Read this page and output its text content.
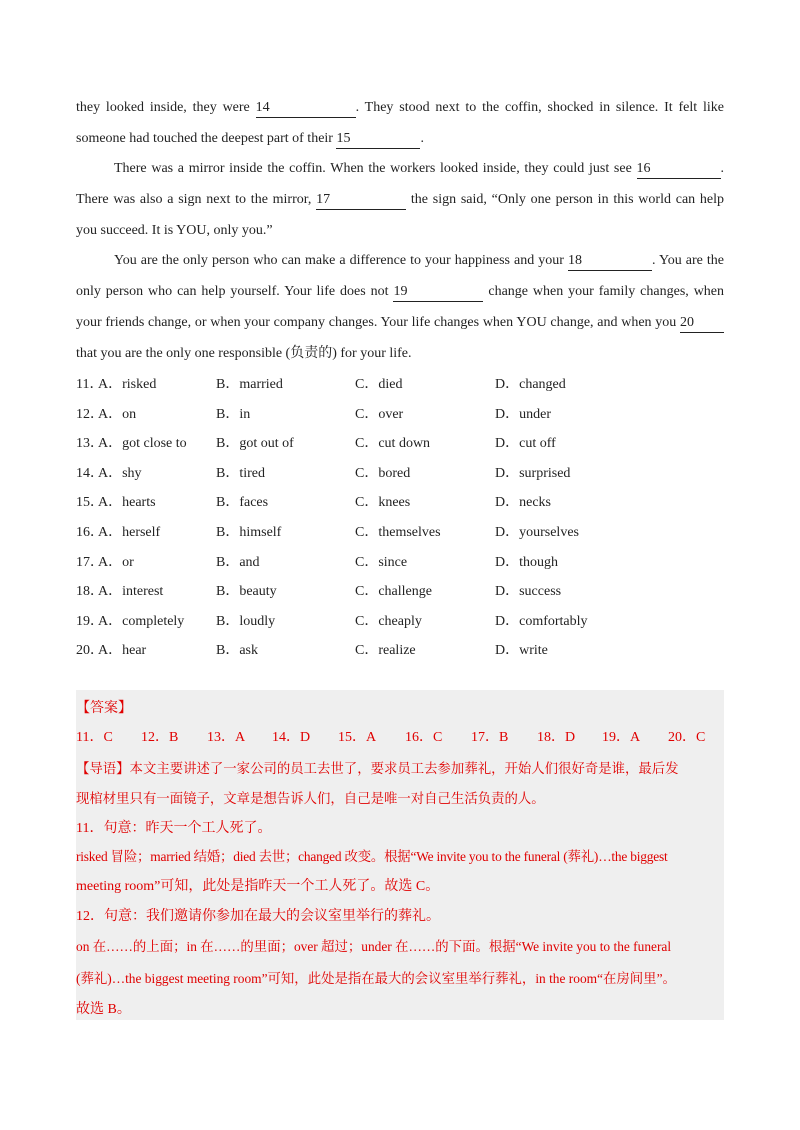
they looked inside, they were 14	. They stood next to the coffin, shocked in silence. It felt like
someone had touched the deepest part of their 15	.
There was a mirror inside the coffin. When the workers looked inside, they could just see 16	.
There was also a sign next to the mirror, 17	the sign said, “Only one person in this world can help
you succeed. It is YOU, only you.”
You are the only person who can make a difference to your happiness and your 18	. You are the
only person who can help yourself. Your life does not 19	change when your family changes, when
your friends change, or when your company changes. Your life changes when YOU change, and when you 20
that you are the only one responsible (负责的) for your life.
11．
A．risked	B．married	C．died	D．changed
12．
A．on	B．in	C．over	D．under
13．
A．got close to B．got out of	C．cut down	D．cut off
14．
A．shy	B．tired	C．bored	D．surprised
15．
A．hearts	B．faces	C．knees	D．necks
16．
A．herself	B．himself	C．themselves	D．yourselves
17．
A．or	B．and	C．since	D．though
18．
A．interest	B．beauty	C．challenge	D．success
19．
A．completely B．loudly	C．cheaply	D．comfortably
20．
A．hear	B．ask	C．realize	D．write
【答案】
11．C 12．B 13．A 14．D 15．A 16．C 17．B 18．D 19．A 20．C
【导语】本文主要讲述了一家公司的员工去世了，要求员工去参加葬礼，开始人们很好奇是谁，最后发
现棺材里只有一面镜子，文章是想告诉人们，自己是唯一对自己生活负责的人。
11．句意：昨天一个工人死了。
risked 冒险；married 结婚；died 去世；changed 改变。根据“We invite you to the funeral (葬礼)…the biggest
meeting room”可知，此处是指昨天一个工人死了。故选 C。
12．句意：我们邀请你参加在最大的会议室里举行的葬礼。
on 在……的上面；in 在……的里面；over 超过；under 在……的下面。根据“We invite you to the funeral
(葬礼)…the biggest meeting room”可知，此处是指在最大的会议室里举行葬礼，in the room“在房间里”。
故选 B。
